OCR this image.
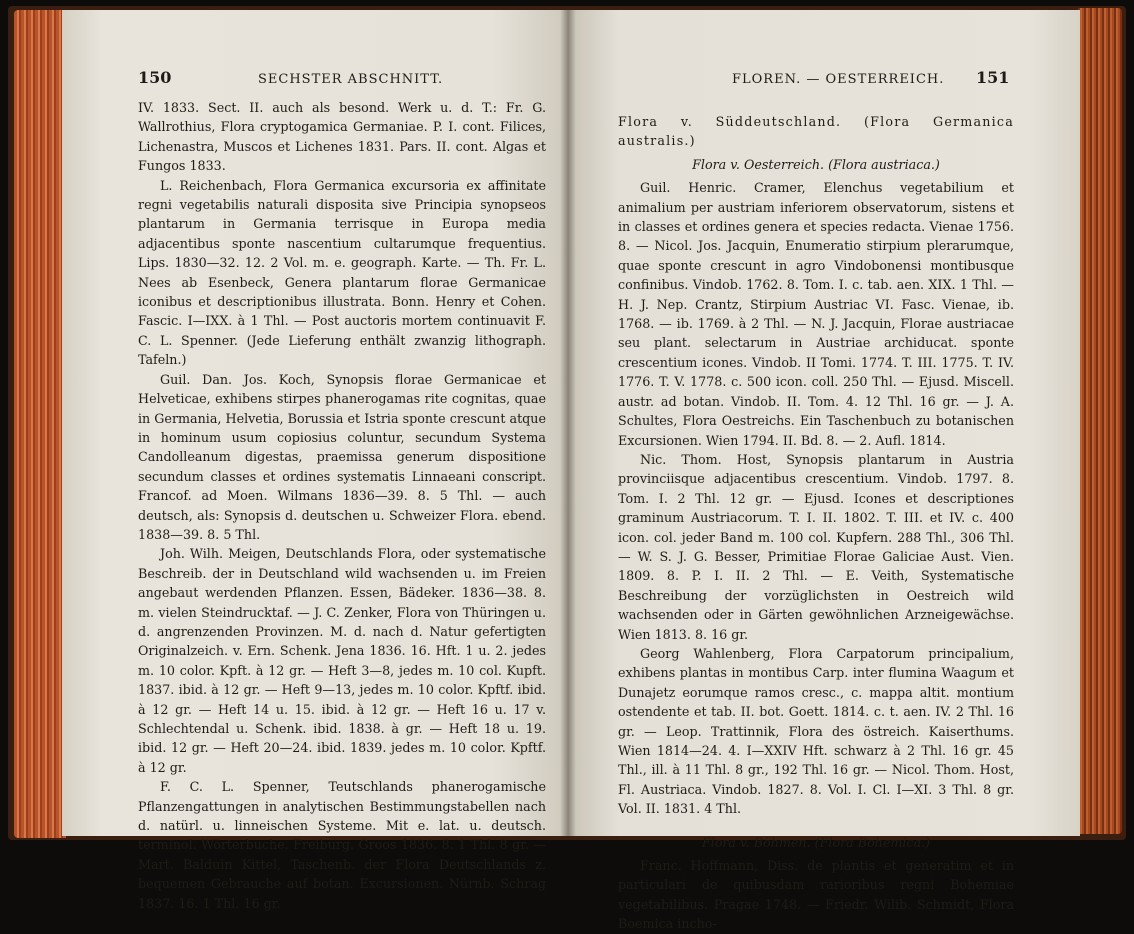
150	SECHSTER ABSCHNITT.

IV. 1833. Sect. II. auch als besond. Werk u. d. T.: Fr. G. Wallrothius, Flora cryptogamica Germaniae. P. I. cont. Filices, Lichenastra, Muscos et Lichenes 1831. Pars. II. cont. Algas et Fungos 1833.

L. Reichenbach, Flora Germanica excursoria ex affinitate regni vegetabilis naturali disposita sive Principia synopseos plantarum in Germania terrisque in Europa media adjacentibus sponte nascentium cultarumque frequentius. Lips. 1830—32. 12. 2 Vol. m. e. geograph. Karte. — Th. Fr. L. Nees ab Esenbeck, Genera plantarum florae Germanicae iconibus et descriptionibus illustrata. Bonn. Henry et Cohen. Fascic. I—IXX. à 1 Thl. — Post auctoris mortem continuavit F. C. L. Spenner. (Jede Lieferung enthält zwanzig lithograph. Tafeln.)

Guil. Dan. Jos. Koch, Synopsis florae Germanicae et Helveticae, exhibens stirpes phanerogamas rite cognitas, quae in Germania, Helvetia, Borussia et Istria sponte crescunt atque in hominum usum copiosius coluntur, secundum Systema Candolleanum digestas, praemissa generum dispositione secundum classes et ordines systematis Linnaeani conscript. Francof. ad Moen. Wilmans 1836—39. 8. 5 Thl. — auch deutsch, als: Synopsis d. deutschen u. Schweizer Flora. ebend. 1838—39. 8. 5 Thl.

Joh. Wilh. Meigen, Deutschlands Flora, oder systematische Beschreib. der in Deutschland wild wachsenden u. im Freien angebaut werdenden Pflanzen. Essen, Bädeker. 1836—38. 8. m. vielen Steindrucktaf. — J. C. Zenker, Flora von Thüringen u. d. angrenzenden Provinzen. M. d. nach d. Natur gefertigten Originalzeich. v. Ern. Schenk. Jena 1836. 16. Hft. 1 u. 2. jedes m. 10 color. Kpft. à 12 gr. — Heft 3—8, jedes m. 10 col. Kupft. 1837. ibid. à 12 gr. — Heft 9—13, jedes m. 10 color. Kpftf. ibid. à 12 gr. — Heft 14 u. 15. ibid. à 12 gr. — Heft 16 u. 17 v. Schlechtendal u. Schenk. ibid. 1838. à gr. — Heft 18 u. 19. ibid. 12 gr. — Heft 20—24. ibid. 1839. jedes m. 10 color. Kpftf. à 12 gr.

F. C. L. Spenner, Teutschlands phanerogamische Pflanzengattungen in analytischen Bestimmungstabellen nach d. natürl. u. linneischen Systeme. Mit e. lat. u. deutsch. terminol. Wörterbuche. Freiburg. Groos 1836. 8. 1 Thl. 8 gr. — Mart. Balduin Kittel, Taschenb. der Flora Deutschlands z. bequemen Gebrauche auf botan. Excursionen. Nürnb. Schrag 1837. 16. 1 Thl. 16 gr.

FLOREN. — OESTERREICH. 151

Flora v. Süddeutschland. (Flora Germanica australis.)

Flora v. Oesterreich. (Flora austriaca.)

Guil. Henric. Cramer, Elenchus vegetabilium et animalium per austriam inferiorem observatorum, sistens et in classes et ordines genera et species redacta. Vienae 1756. 8. — Nicol. Jos. Jacquin, Enumeratio stirpium plerarumque, quae sponte crescunt in agro Vindobonensi montibusque confinibus. Vindob. 1762. 8. Tom. I. c. tab. aen. XIX. 1 Thl. — H. J. Nep. Crantz, Stirpium Austriac VI. Fasc. Vienae, ib. 1768. — ib. 1769. à 2 Thl. — N. J. Jacquin, Florae austriacae seu plant. selectarum in Austriae archiducat. sponte crescentium icones. Vindob. II Tomi. 1774. T. III. 1775. T. IV. 1776. T. V. 1778. c. 500 icon. coll. 250 Thl. — Ejusd. Miscell. austr. ad botan. Vindob. II. Tom. 4. 12 Thl. 16 gr. — J. A. Schultes, Flora Oestreichs. Ein Taschenbuch zu botanischen Excursionen. Wien 1794. II. Bd. 8. — 2. Aufl. 1814.

Nic. Thom. Host, Synopsis plantarum in Austria provinciisque adjacentibus crescentium. Vindob. 1797. 8. Tom. I. 2 Thl. 12 gr. — Ejusd. Icones et descriptiones graminum Austriacorum. T. I. II. 1802. T. III. et IV. c. 400 icon. col. jeder Band m. 100 col. Kupfern. 288 Thl., 306 Thl. — W. S. J. G. Besser, Primitiae Florae Galiciae Aust. Vien. 1809. 8. P. I. II. 2 Thl. — E. Veith, Systematische Beschreibung der vorzüglichsten in Oestreich wild wachsenden oder in Gärten gewöhnlichen Arzneigewächse. Wien 1813. 8. 16 gr.

Georg Wahlenberg, Flora Carpatorum principalium, exhibens plantas in montibus Carp. inter flumina Waagum et Dunajetz eorumque ramos cresc., c. mappa altit. montium ostendente et tab. II. bot. Goett. 1814. c. t. aen. IV. 2 Thl. 16 gr. — Leop. Trattinnik, Flora des östreich. Kaiserthums. Wien 1814—24. 4. I—XXIV Hft. schwarz à 2 Thl. 16 gr. 45 Thl., ill. à 11 Thl. 8 gr., 192 Thl. 16 gr. — Nicol. Thom. Host, Fl. Austriaca. Vindob. 1827. 8. Vol. I. Cl. I—XI. 3 Thl. 8 gr. Vol. II. 1831. 4 Thl.

Flora v. Böhmen. (Flora Bohemica.)

Franc. Hoffmann, Diss. de plantis et generatim et in particulari de quibusdam rarioribus regni Bohemiae vegetabilibus. Pragae 1748. — Friedr. Wilib. Schmidt, Flora Boemica incho-
